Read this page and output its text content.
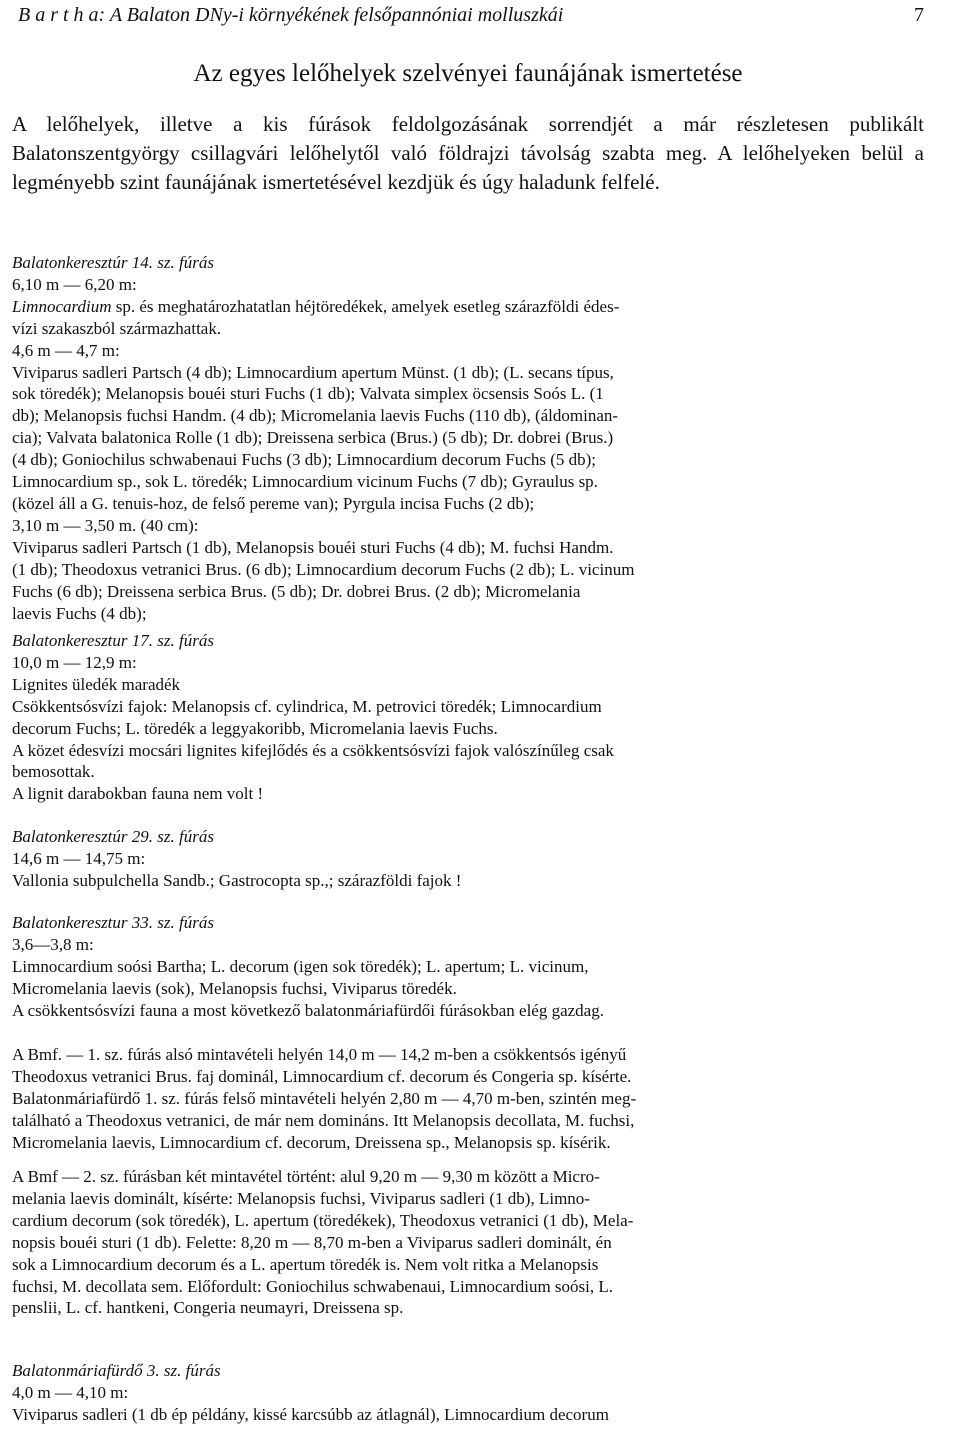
B a r t h a: A Balaton DNy-i környékének felsőpannóniai molluszkái	7
Az egyes lelőhelyek szelvényei faunájának ismertetése

A lelőhelyek, illetve a kis fúrások feldolgozásának sorrendjét a már részletesen publikált Balatonszentgyörgy csillagvári lelőhelytől való földrajzi távolság szabta meg. A lelőhelyeken belül a legményebb szint faunájának ismertetésével kezdjük és úgy haladunk felfelé.

Balatonkeresztúr 14. sz. fúrás
6,10 m — 6,20 m:
Limnocardium sp. és meghatározhatatlan héjtöredékek, amelyek esetleg szárazföldi édes-
vízi szakaszból származhattak.
4,6 m — 4,7 m:
Viviparus sadleri Partsch (4 db); Limnocardium apertum Münst. (1 db); (L. secans típus,
sok töredék); Melanopsis bouéi sturi Fuchs (1 db); Valvata simplex öcsensis Soós L. (1
db); Melanopsis fuchsi Handm. (4 db); Micromelania laevis Fuchs (110 db), (áldominan-
cia); Valvata balatonica Rolle (1 db); Dreissena serbica (Brus.) (5 db); Dr. dobrei (Brus.)
(4 db); Goniochilus schwabenaui Fuchs (3 db); Limnocardium decorum Fuchs (5 db);
Limnocardium sp., sok L. töredék; Limnocardium vicinum Fuchs (7 db); Gyraulus sp.
(közel áll a G. tenuis-hoz, de felső pereme van); Pyrgula incisa Fuchs (2 db);
3,10 m — 3,50 m. (40 cm):
Viviparus sadleri Partsch (1 db), Melanopsis bouéi sturi Fuchs (4 db); M. fuchsi Handm.
(1 db); Theodoxus vetranici Brus. (6 db); Limnocardium decorum Fuchs (2 db); L. vicinum
Fuchs (6 db); Dreissena serbica Brus. (5 db); Dr. dobrei Brus. (2 db); Micromelania
laevis Fuchs (4 db);
Balatonkeresztur 17. sz. fúrás
10,0 m — 12,9 m:
Lignites üledék maradék
Csökkentsósvízi fajok: Melanopsis cf. cylindrica, M. petrovici töredék; Limnocardium
decorum Fuchs; L. töredék a leggyakoribb, Micromelania laevis Fuchs.
A közet édesvízi mocsári lignites kifejlődés és a csökkentsósvízi fajok valószínűleg csak
bemosottak.
A lignit darabokban fauna nem volt !
Balatonkeresztúr 29. sz. fúrás
14,6 m — 14,75 m:
Vallonia subpulchella Sandb.; Gastrocopta sp.,; szárazföldi fajok !
Balatonkeresztur 33. sz. fúrás
3,6—3,8 m:
Limnocardium soósi Bartha; L. decorum (igen sok töredék); L. apertum; L. vicinum,
Micromelania laevis (sok), Melanopsis fuchsi, Viviparus töredék.
A csökkentsósvízi fauna a most következő balatonmáriafürdői fúrásokban elég gazdag.
A Bmf. — 1. sz. fúrás alsó mintavételi helyén 14,0 m — 14,2 m-ben a csökkentsós igényű
Theodoxus vetranici Brus. faj dominál, Limnocardium cf. decorum és Congeria sp. kísérte.
Balatonmáriafürdő 1. sz. fúrás felső mintavételi helyén 2,80 m — 4,70 m-ben, szintén meg-
található a Theodoxus vetranici, de már nem domináns. Itt Melanopsis decollata, M. fuchsi,
Micromelania laevis, Limnocardium cf. decorum, Dreissena sp., Melanopsis sp. kísérik.
A Bmf — 2. sz. fúrásban két mintavétel történt: alul 9,20 m — 9,30 m között a Micro-
melania laevis dominált, kísérte: Melanopsis fuchsi, Viviparus sadleri (1 db), Limno-
cardium decorum (sok töredék), L. apertum (töredékek), Theodoxus vetranici (1 db), Mela-
nopsis bouéi sturi (1 db). Felette: 8,20 m — 8,70 m-ben a Viviparus sadleri dominált, én
sok a Limnocardium decorum és a L. apertum töredék is. Nem volt ritka a Melanopsis
fuchsi, M. decollata sem. Előfordult: Goniochilus schwabenaui, Limnocardium soósi, L.
penslii, L. cf. hantkeni, Congeria neumayri, Dreissena sp.
Balatonmáriafürdő 3. sz. fúrás
4,0 m — 4,10 m:
Viviparus sadleri (1 db ép példány, kissé karcsúbb az átlagnál), Limnocardium decorum
